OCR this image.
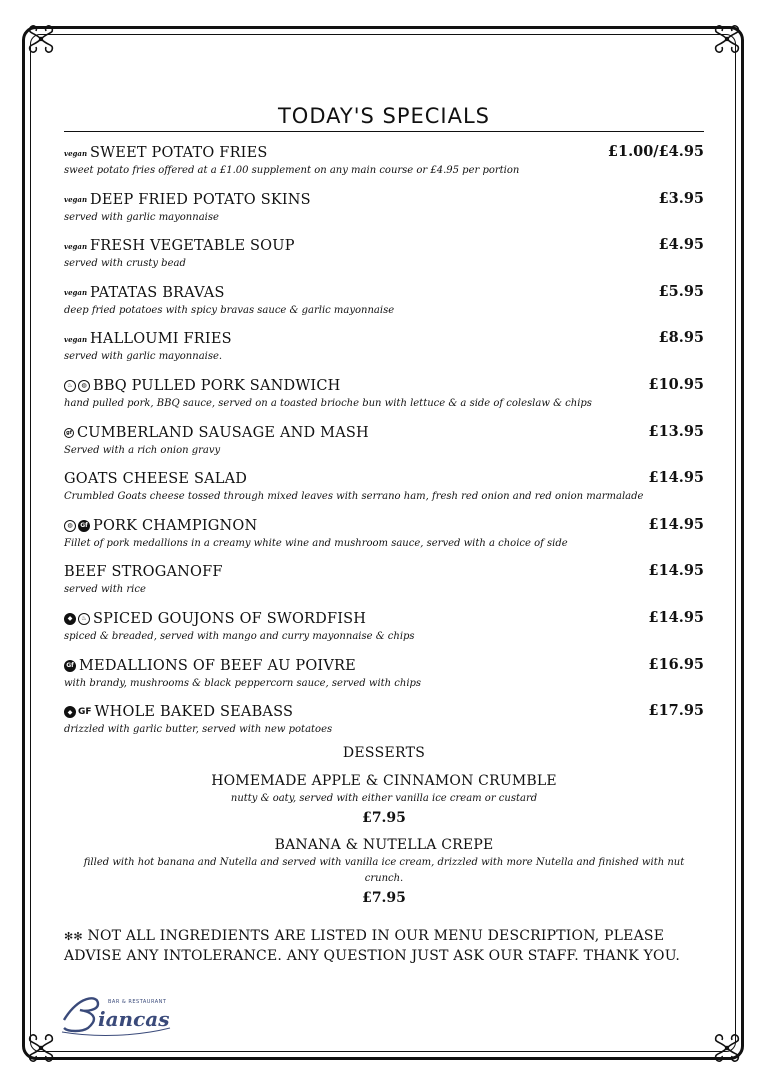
TODAY'S SPECIALS
vegan SWEET POTATO FRIES	£1.00/£4.95
sweet potato fries offered at a £1.00 supplement on any main course or £4.95 per portion
vegan DEEP FRIED POTATO SKINS	£3.95
served with garlic mayonnaise
vegan FRESH VEGETABLE SOUP	£4.95
served with crusty bead
vegan PATATAS BRAVAS	£5.95
deep fried potatoes with spicy bravas sauce & garlic mayonnaise
vegan HALLOUMI FRIES	£8.95
served with garlic mayonnaise.
♨	◍ BBQ PULLED PORK SANDWICH	£10.95
hand pulled pork, BBQ sauce, served on a toasted brioche bun with lettuce & a side of coleslaw & chips
gf CUMBERLAND SAUSAGE AND MASH	£13.95
Served with a rich onion gravy
GOATS CHEESE SALAD	£14.95
Crumbled Goats cheese tossed through mixed leaves with serrano ham, fresh red onion and red onion marmalade
◍	Gf PORK CHAMPIGNON	£14.95
Fillet of pork medallions in a creamy white wine and mushroom sauce, served with a choice of side
BEEF STROGANOFF	£14.95
served with rice
◆	♨ SPICED GOUJONS OF SWORDFISH	£14.95
spiced & breaded, served with mango and curry mayonnaise & chips
Gf MEDALLIONS OF BEEF AU POIVRE	£16.95
with brandy, mushrooms & black peppercorn sauce, served with chips
◆ GF WHOLE BAKED SEABASS	£17.95
drizzled with garlic butter, served with new potatoes
DESSERTS
HOMEMADE APPLE & CINNAMON CRUMBLE
nutty & oaty, served with either vanilla ice cream or custard
£7.95
BANANA & NUTELLA CREPE
filled with hot banana and Nutella and served with vanilla ice cream, drizzled with more Nutella and finished with nut crunch.
£7.95
✻✻ NOT ALL INGREDIENTS ARE LISTED IN OUR MENU DESCRIPTION, PLEASE ADVISE ANY INTOLERANCE. ANY QUESTION JUST ASK OUR STAFF. THANK YOU.
iancas
BAR & RESTAURANT
